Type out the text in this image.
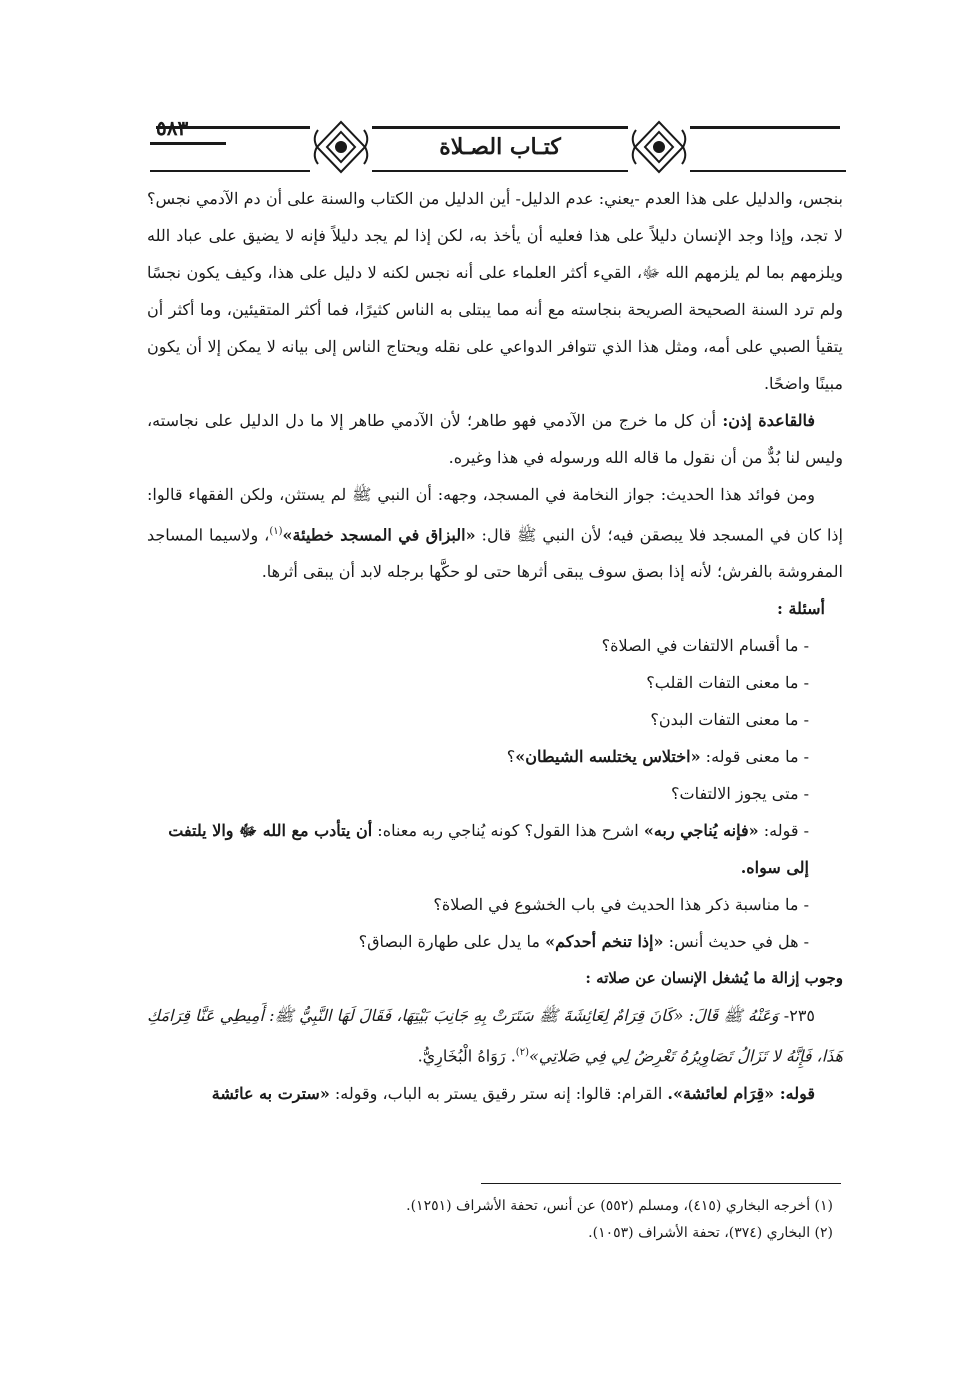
٥٨٣
كتـاب الصـلاة

بنجس، والدليل على هذا العدم -يعني: عدم الدليل- أين الدليل من الكتاب والسنة على أن دم الآدمي نجس؟ لا تجد، وإذا وجد الإنسان دليلاً على هذا فعليه أن يأخذ به، لكن إذا لم يجد دليلاً فإنه لا يضيق على عباد الله ويلزمهم بما لم يلزمهم الله ﷻ، القيء أكثر العلماء على أنه نجس لكنه لا دليل على هذا، وكيف يكون نجسًا ولم ترد السنة الصحيحة الصريحة بنجاسته مع أنه مما يبتلى به الناس كثيرًا، فما أكثر المتقيئين، وما أكثر أن يتقيأ الصبي على أمه، ومثل هذا الذي تتوافر الدواعي على نقله ويحتاج الناس إلى بيانه لا يمكن إلا أن يكون مبينًا واضحًا.

فالقاعدة إذن: أن كل ما خرج من الآدمي فهو طاهر؛ لأن الآدمي طاهر إلا ما دل الدليل على نجاسته، وليس لنا بُدٌّ من أن نقول ما قاله الله ورسوله في هذا وغيره.

ومن فوائد هذا الحديث: جواز النخامة في المسجد، وجهه: أن النبي ﷺ لم يستثن، ولكن الفقهاء قالوا: إذا كان في المسجد فلا يبصقن فيه؛ لأن النبي ﷺ قال: «البزاق في المسجد خطيئة»$^{(١)}$، ولاسيما المساجد المفروشة بالفرش؛ لأنه إذا بصق سوف يبقى أثرها حتى لو حكَّها برجله لابد أن يبقى أثرها.

أسئلة :

- ما أقسام الالتفات في الصلاة؟
- ما معنى التفات القلب؟
- ما معنى التفات البدن؟
- ما معنى قوله: «اختلاس يختلسه الشيطان»؟
- متى يجوز الالتفات؟
- قوله: «فإنه يُناجي ربه» اشرح هذا القول؟ كونه يُناجي ربه معناه: أن يتأدب مع الله ﷻ والا يلتفت إلى سواه.
- ما مناسبة ذكر هذا الحديث في باب الخشوع في الصلاة؟
- هل في حديث أنس: «إذا تنخم أحدكم» ما يدل على طهارة البصاق؟

وجوب إزالة ما يُشغل الإنسان عن صلاته :

٢٣٥- وَعَنْهُ ﷺ قَالَ: «كَانَ قِرَامٌ لِعَائِشَةَ ﷺ سَتَرَتْ بِهِ جَانِبَ بَيْتِهَا، فَقَالَ لَهَا النَّبِيُّ ﷺ: أَمِيطِي عَنَّا قِرَامَكِ هَذَا، فَإِنَّهُ لا تَزَالُ تَصَاوِيرُهُ تَعْرِضُ لِي فِي صَلاتِي»$^{(٢)}$. رَوَاهُ الْبُخَارِيُّ.

قوله: «قِرَام لعائشة». القرام: قالوا: إنه ستر رقيق يستر به الباب، وقوله: «سترت به عائشة

(١) أخرجه البخاري (٤١٥)، ومسلم (٥٥٢) عن أنس، تحفة الأشراف (١٢٥١).
(٢) البخاري (٣٧٤)، تحفة الأشراف (١٠٥٣).
